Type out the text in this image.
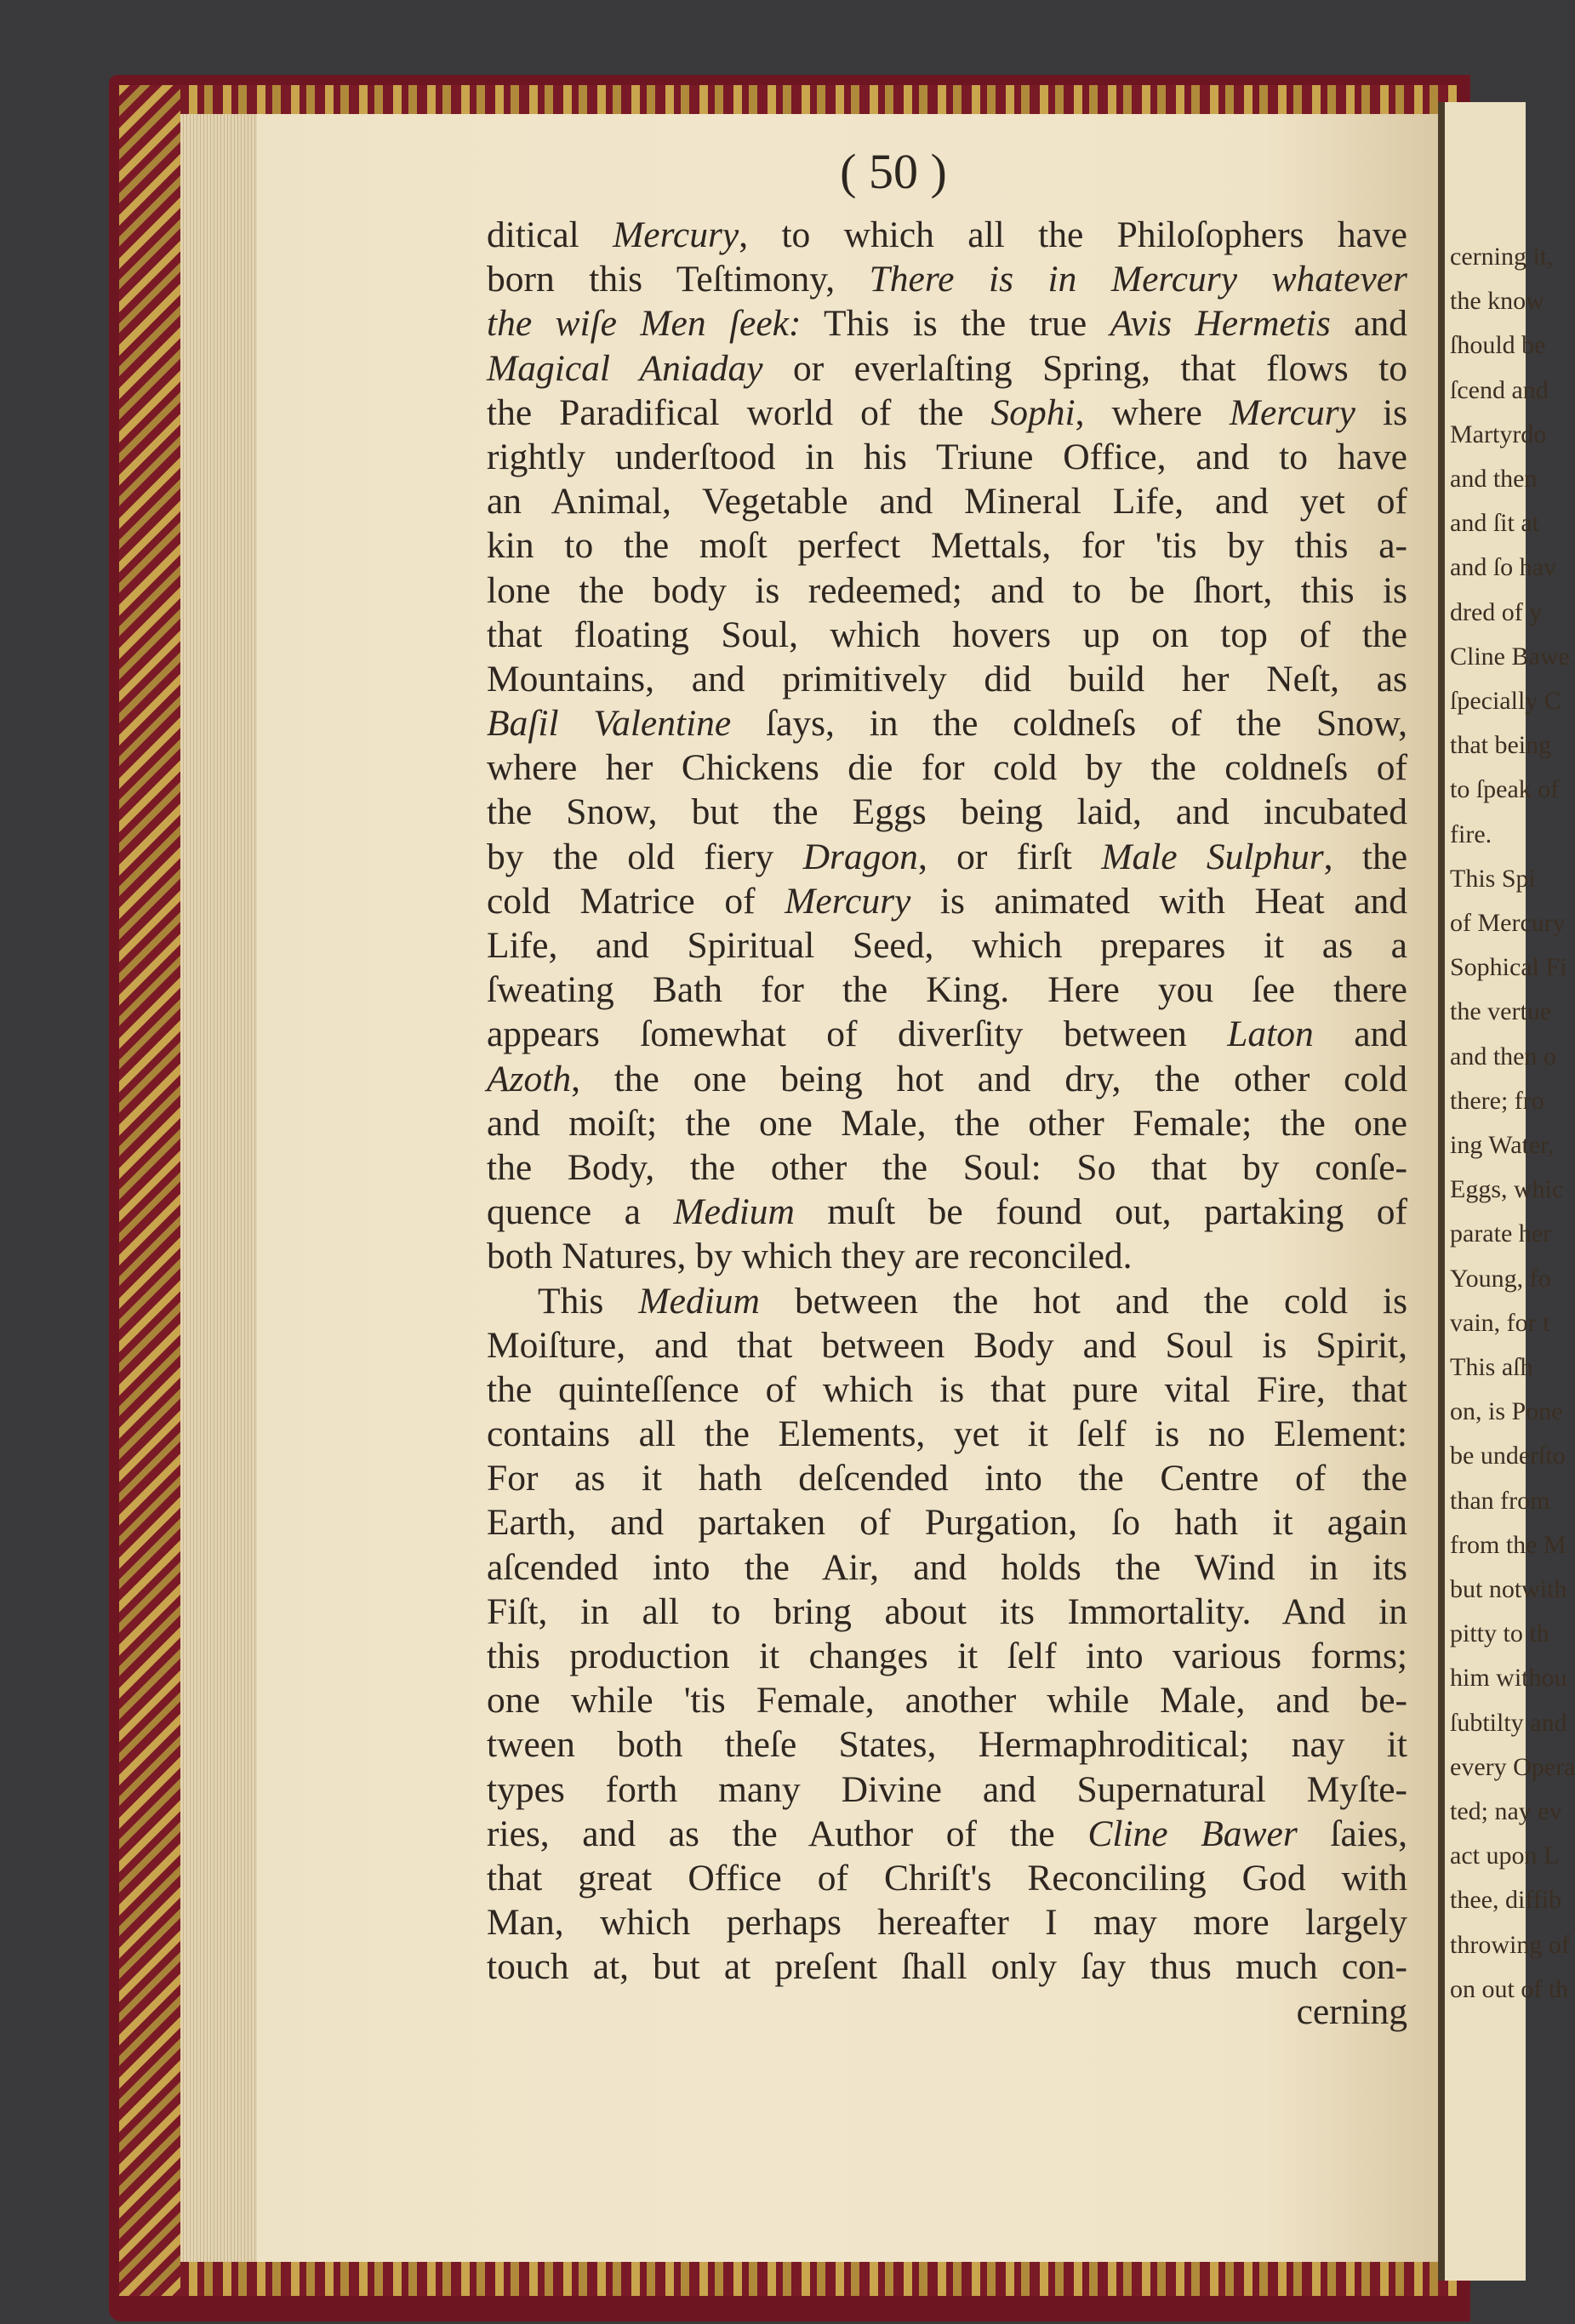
cerning it,
the know
ſhould be
ſcend and
Martyrdo
and then
and ſit at
and ſo hav
dred of y
Cline Bawe
ſpecially C
that being
to ſpeak of
fire.
This Spi
of Mercury
Sophical Fi
the vertue
and then o
there; fro
ing Water,
Eggs, whic
parate her
Young, fo
vain, for t
This aſh
on, is Pone
be underſto
than from
from the M
but notwith
pitty to th
him withou
ſubtilty and
every Opera
ted; nay ev
act upon L
thee, diffib
throwing of
on out of th
( 50 )
ditical Mercury, to which all the Philoſophers have
born this Teſtimony, There is in Mercury whatever
the wiſe Men ſeek: This is the true Avis Hermetis and
Magical Aniaday or everlaſting Spring, that flows to
the Paradifical world of the Sophi, where Mercury is
rightly underſtood in his Triune Office, and to have
an Animal, Vegetable and Mineral Life, and yet of
kin to the moſt perfect Mettals, for 'tis by this a-
lone the body is redeemed; and to be ſhort, this is
that floating Soul, which hovers up on top of the
Mountains, and primitively did build her Neſt, as
Baſil Valentine ſays, in the coldneſs of the Snow,
where her Chickens die for cold by the coldneſs of
the Snow, but the Eggs being laid, and incubated
by the old fiery Dragon, or firſt Male Sulphur, the
cold Matrice of Mercury is animated with Heat and
Life, and Spiritual Seed, which prepares it as a
ſweating Bath for the King. Here you ſee there
appears ſomewhat of diverſity between Laton and
Azoth, the one being hot and dry, the other cold
and moiſt; the one Male, the other Female; the one
the Body, the other the Soul: So that by conſe-
quence a Medium muſt be found out, partaking of
both Natures, by which they are reconciled.
This Medium between the hot and the cold is
Moiſture, and that between Body and Soul is Spirit,
the quinteſſence of which is that pure vital Fire, that
contains all the Elements, yet it ſelf is no Element:
For as it hath deſcended into the Centre of the
Earth, and partaken of Purgation, ſo hath it again
aſcended into the Air, and holds the Wind in its
Fiſt, in all to bring about its Immortality. And in
this production it changes it ſelf into various forms;
one while 'tis Female, another while Male, and be-
tween both theſe States, Hermaphroditical; nay it
types forth many Divine and Supernatural Myſte-
ries, and as the Author of the Cline Bawer ſaies,
that great Office of Chriſt's Reconciling God with
Man, which perhaps hereafter I may more largely
touch at, but at preſent ſhall only ſay thus much con-
cerning
